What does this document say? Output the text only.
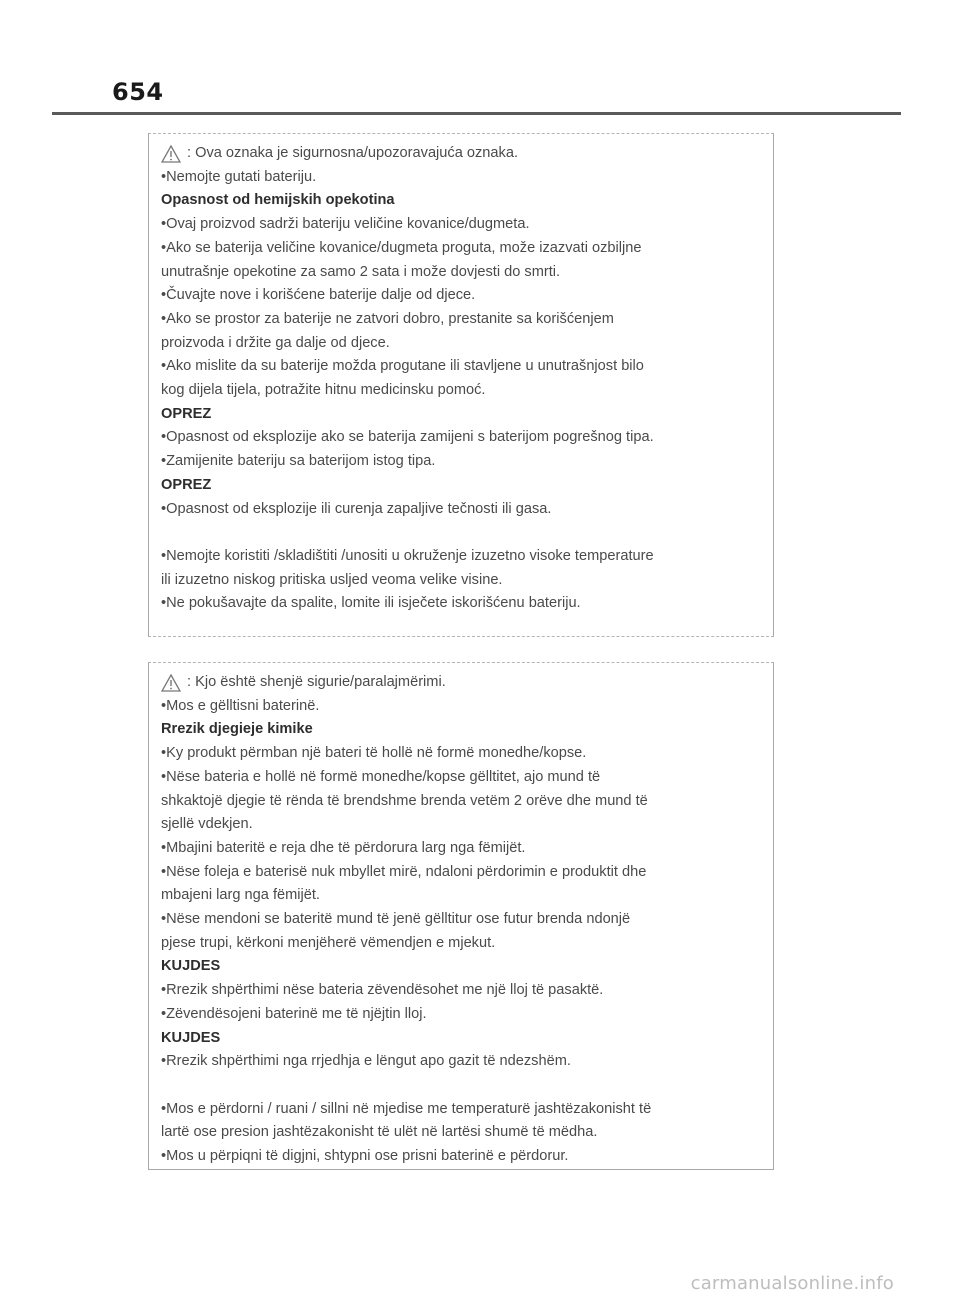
654

: Ova oznaka je sigurnosna/upozoravajuća oznaka.

•Nemojte gutati bateriju.

Opasnost od hemijskih opekotina

•Ovaj proizvod sadrži bateriju veličine kovanice/dugmeta.

•Ako se baterija veličine kovanice/dugmeta proguta, može izazvati ozbiljne

unutrašnje opekotine za samo 2 sata i može dovjesti do smrti.

•Čuvajte nove i korišćene baterije dalje od djece.

•Ako se prostor za baterije ne zatvori dobro, prestanite sa korišćenjem

proizvoda i držite ga dalje od djece.

•Ako mislite da su baterije možda progutane ili stavljene u unutrašnjost bilo

kog dijela tijela, potražite hitnu medicinsku pomoć.

OPREZ

•Opasnost od eksplozije ako se baterija zamijeni s baterijom pogrešnog tipa.

•Zamijenite bateriju sa baterijom istog tipa.

OPREZ

•Opasnost od eksplozije ili curenja zapaljive tečnosti ili gasa.

•Nemojte koristiti /skladištiti /unositi u okruženje izuzetno visoke temperature

ili izuzetno niskog pritiska usljed veoma velike visine.

•Ne pokušavajte da spalite, lomite ili isječete iskorišćenu bateriju.

: Kjo është shenjë sigurie/paralajmërimi.

•Mos e gëlltisni baterinë.

Rrezik djegieje kimike

•Ky produkt përmban një bateri të hollë në formë monedhe/kopse.

•Nëse bateria e hollë në formë monedhe/kopse gëlltitet, ajo mund të

shkaktojë djegie të rënda të brendshme brenda vetëm 2 orëve dhe mund të

sjellë vdekjen.

•Mbajini bateritë e reja dhe të përdorura larg nga fëmijët.

•Nëse foleja e baterisë nuk mbyllet mirë, ndaloni përdorimin e produktit dhe

mbajeni larg nga fëmijët.

•Nëse mendoni se bateritë mund të jenë gëlltitur ose futur brenda ndonjë

pjese trupi, kërkoni menjëherë vëmendjen e mjekut.

KUJDES

•Rrezik shpërthimi nëse bateria zëvendësohet me një lloj të pasaktë.

•Zëvendësojeni baterinë me të njëjtin lloj.

KUJDES

•Rrezik shpërthimi nga rrjedhja e lëngut apo gazit të ndezshëm.

•Mos e përdorni / ruani / sillni në mjedise me temperaturë jashtëzakonisht të

lartë ose presion jashtëzakonisht të ulët në lartësi shumë të mëdha.

•Mos u përpiqni të digjni, shtypni ose prisni baterinë e përdorur.

carmanualsonline.info
